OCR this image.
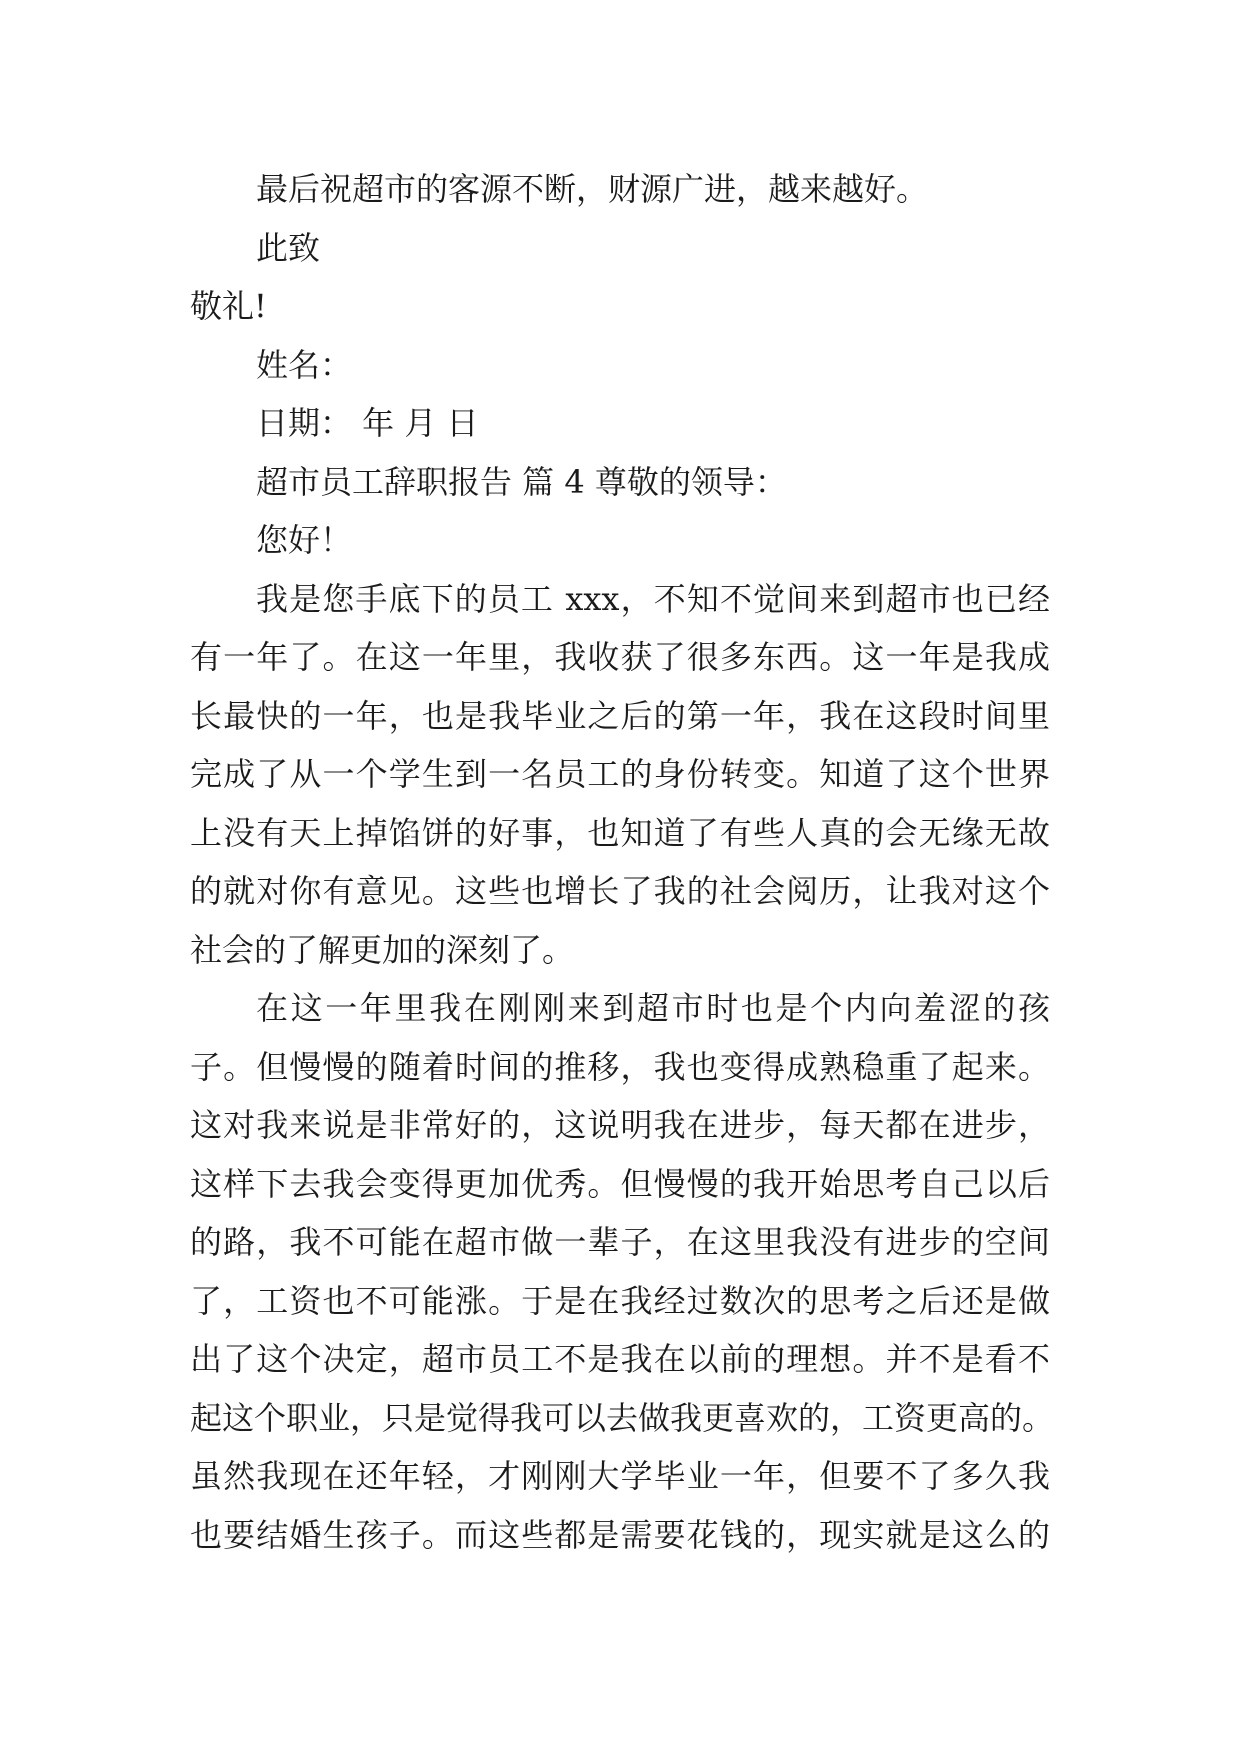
最后祝超市的客源不断，财源广进，越来越好。
此致
敬礼!
姓名：
日期： 年 月 日
超市员工辞职报告 篇 4 尊敬的领导：
您好！
我是您手底下的员工 xxx，不知不觉间来到超市也已经
有一年了。在这一年里，我收获了很多东西。这一年是我成
长最快的一年，也是我毕业之后的第一年，我在这段时间里
完成了从一个学生到一名员工的身份转变。知道了这个世界
上没有天上掉馅饼的好事，也知道了有些人真的会无缘无故
的就对你有意见。这些也增长了我的社会阅历，让我对这个
社会的了解更加的深刻了。
在这一年里我在刚刚来到超市时也是个内向羞涩的孩
子。但慢慢的随着时间的推移，我也变得成熟稳重了起来。
这对我来说是非常好的，这说明我在进步，每天都在进步，
这样下去我会变得更加优秀。但慢慢的我开始思考自己以后
的路，我不可能在超市做一辈子，在这里我没有进步的空间
了，工资也不可能涨。于是在我经过数次的思考之后还是做
出了这个决定，超市员工不是我在以前的理想。并不是看不
起这个职业，只是觉得我可以去做我更喜欢的，工资更高的。
虽然我现在还年轻，才刚刚大学毕业一年，但要不了多久我
也要结婚生孩子。而这些都是需要花钱的，现实就是这么的
